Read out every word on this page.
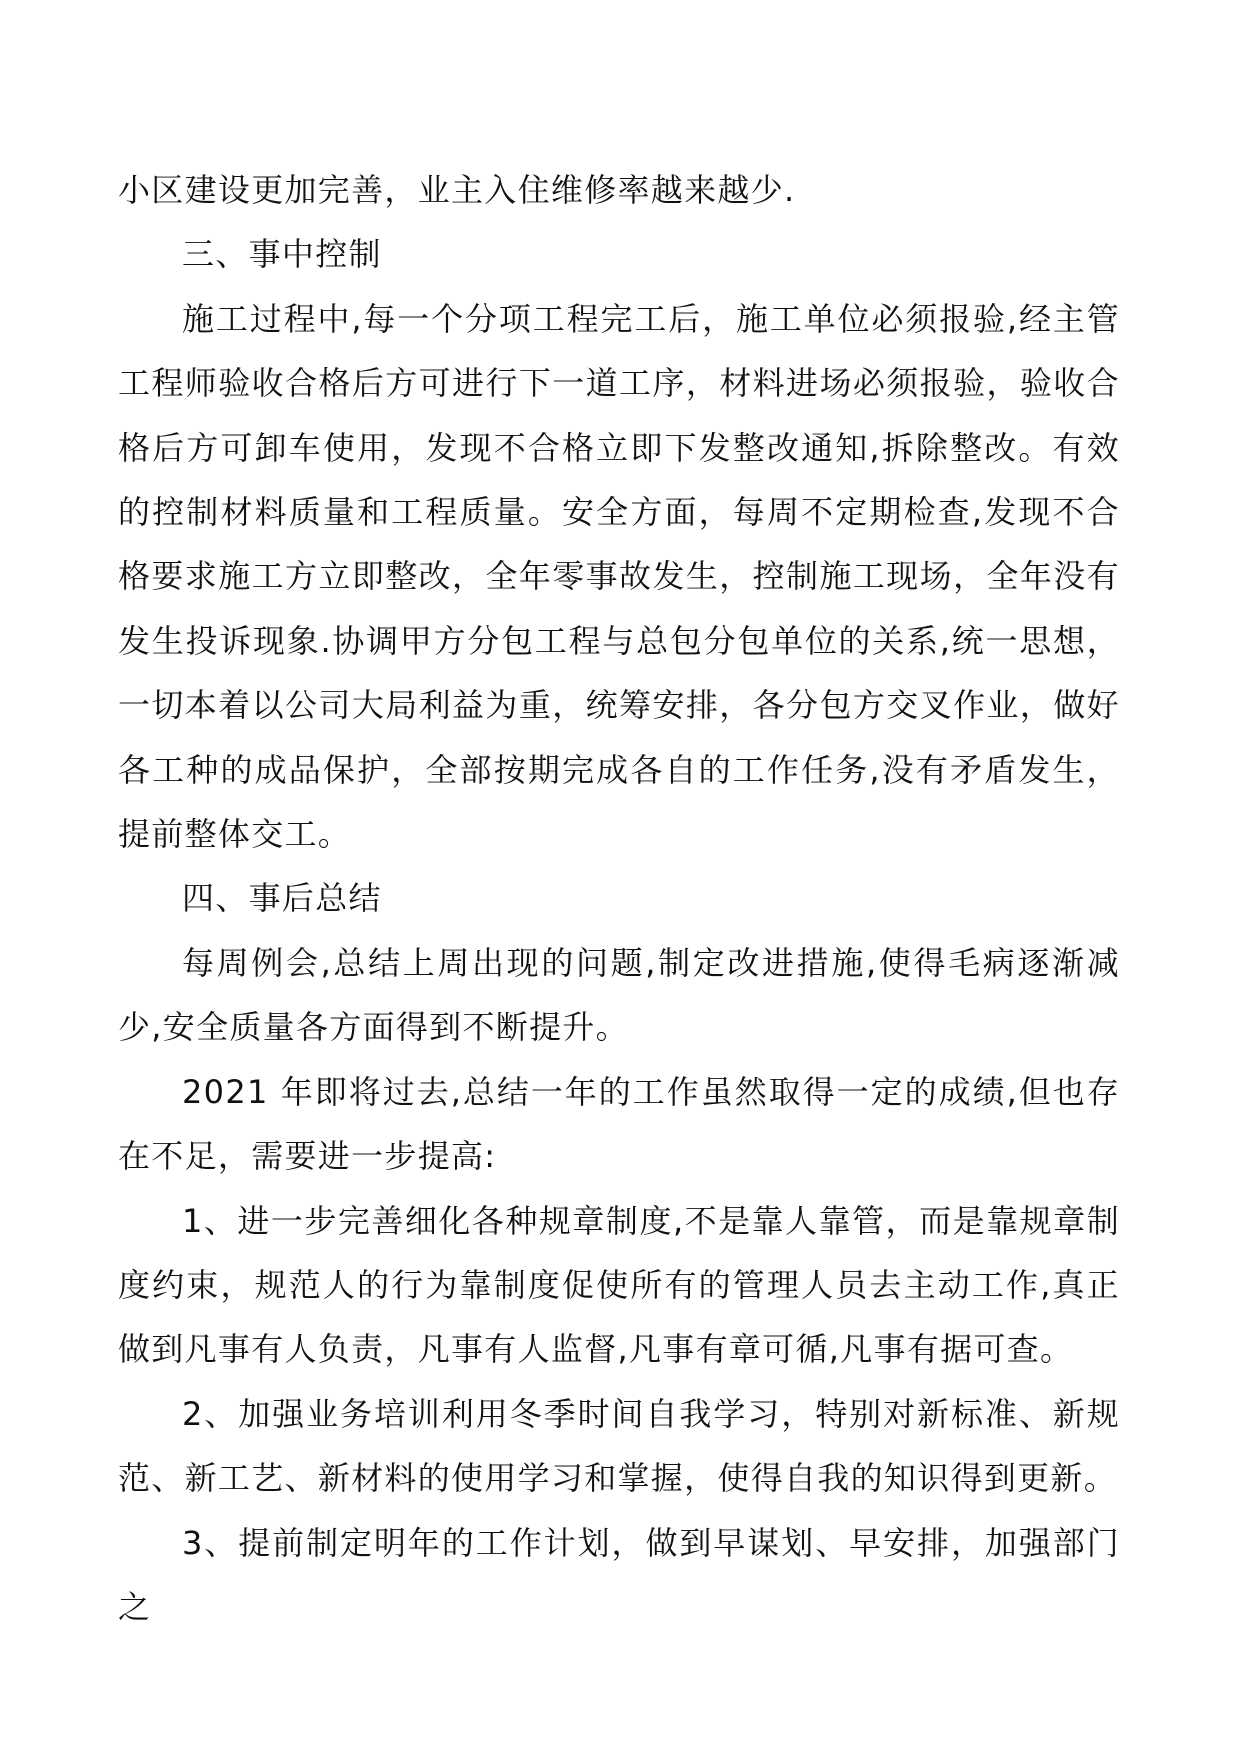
小区建设更加完善，业主入住维修率越来越少.

三、事中控制

施工过程中,每一个分项工程完工后，施工单位必须报验,经主管工程师验收合格后方可进行下一道工序，材料进场必须报验，验收合格后方可卸车使用，发现不合格立即下发整改通知,拆除整改。有效的控制材料质量和工程质量。安全方面，每周不定期检查,发现不合格要求施工方立即整改，全年零事故发生，控制施工现场，全年没有发生投诉现象.协调甲方分包工程与总包分包单位的关系,统一思想，一切本着以公司大局利益为重，统筹安排，各分包方交叉作业，做好各工种的成品保护，全部按期完成各自的工作任务,没有矛盾发生，提前整体交工。

四、事后总结

每周例会,总结上周出现的问题,制定改进措施,使得毛病逐渐减少,安全质量各方面得到不断提升。

2021 年即将过去,总结一年的工作虽然取得一定的成绩,但也存在不足，需要进一步提高:

1、进一步完善细化各种规章制度,不是靠人靠管，而是靠规章制度约束，规范人的行为靠制度促使所有的管理人员去主动工作,真正做到凡事有人负责，凡事有人监督,凡事有章可循,凡事有据可查。

2、加强业务培训利用冬季时间自我学习，特别对新标准、新规范、新工艺、新材料的使用学习和掌握，使得自我的知识得到更新。

3、提前制定明年的工作计划，做到早谋划、早安排，加强部门之
